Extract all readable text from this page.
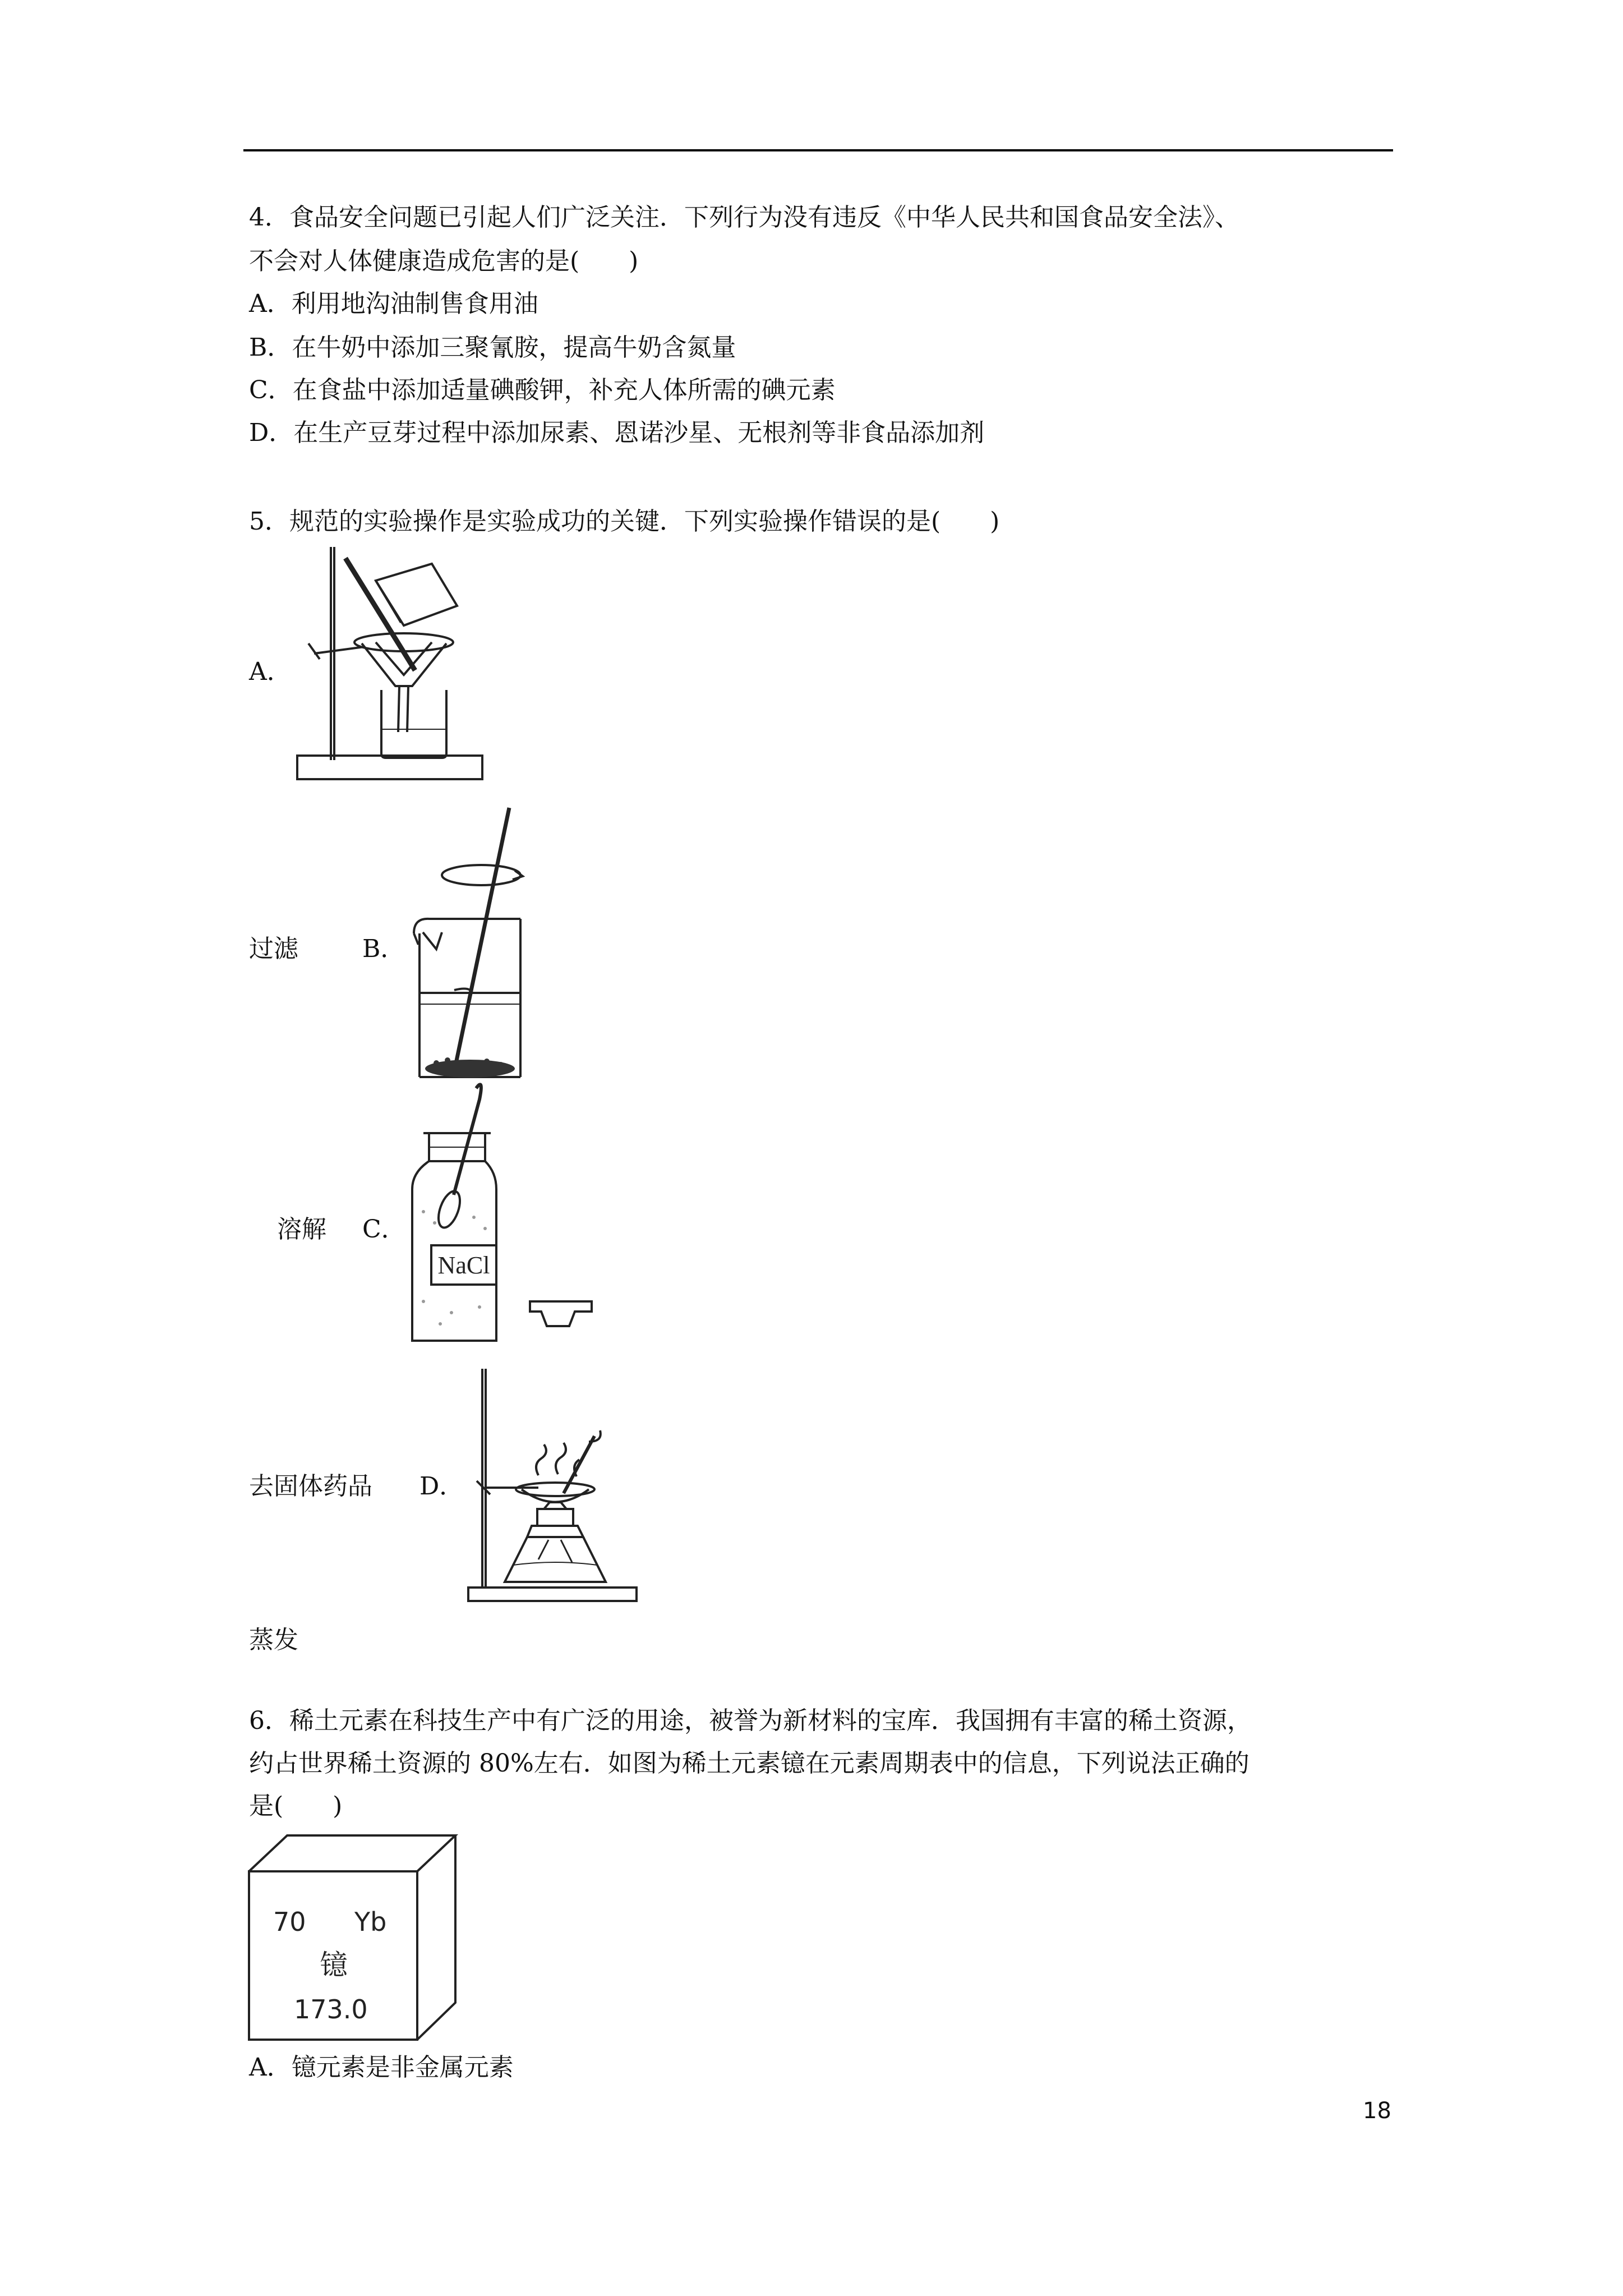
4．食品安全问题已引起人们广泛关注．下列行为没有违反《中华人民共和国食品安全法》、
不会对人体健康造成危害的是(　　)
A．利用地沟油制售食用油
B．在牛奶中添加三聚氰胺，提高牛奶含氮量
C．在食盐中添加适量碘酸钾，补充人体所需的碘元素
D．在生产豆芽过程中添加尿素、恩诺沙星、无根剂等非食品添加剂
5．规范的实验操作是实验成功的关键．下列实验操作错误的是(　　)
A．
过滤	B．
溶解 C．
NaCl
去固体药品 D．
蒸发
6．稀土元素在科技生产中有广泛的用途，被誉为新材料的宝库．我国拥有丰富的稀土资源，
约占世界稀土资源的 80%左右．如图为稀土元素镱在元素周期表中的信息，下列说法正确的
是(　　)
70 Yb
镱
173.0
A．镱元素是非金属元素
18
